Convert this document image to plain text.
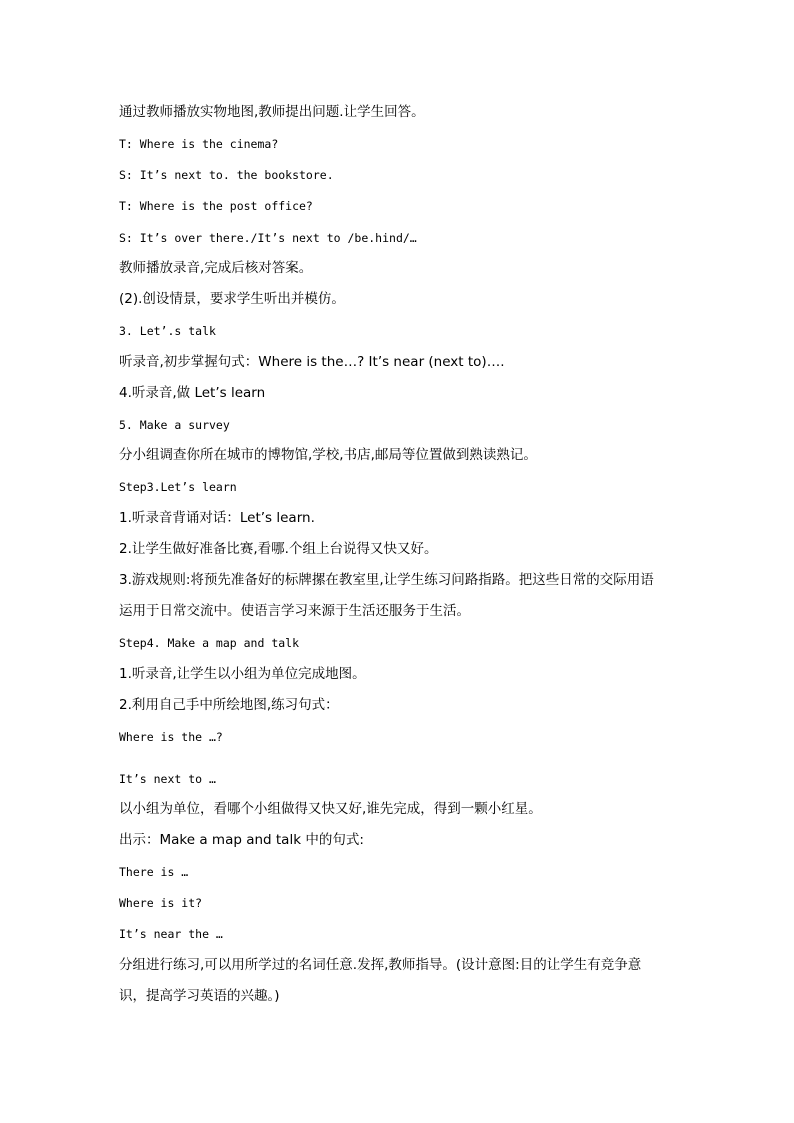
通过教师播放实物地图,教师提出问题.让学生回答。
T: Where is the cinema?
S: It’s next to. the bookstore.
T: Where is the post office?
S: It’s over there./It’s next to /be.hind/…
教师播放录音,完成后核对答案。
(2).创设情景，要求学生听出并模仿。
3. Let’.s talk
听录音,初步掌握句式：Where is the…? It’s near (next to)….
4.听录音,做 Let’s learn
5. Make a survey
分小组调查你所在城市的博物馆,学校,书店,邮局等位置做到熟读熟记。
Step3.Let’s learn
1.听录音背诵对话：Let’s learn.
2.让学生做好准备比赛,看哪.个组上台说得又快又好。
3.游戏规则:将预先准备好的标牌摞在教室里,让学生练习问路指路。把这些日常的交际用语
运用于日常交流中。使语言学习来源于生活还服务于生活。
Step4. Make a map and talk
1.听录音,让学生以小组为单位完成地图。
2.利用自己手中所绘地图,练习句式：
Where is the …?
It’s next to …
以小组为单位，看哪个小组做得又快又好,谁先完成，得到一颗小红星。
出示：Make a map and talk 中的句式:
There is …
Where is it?
It’s near the …
分组进行练习,可以用所学过的名词任意.发挥,教师指导。(设计意图:目的让学生有竞争意
识，提高学习英语的兴趣。)
